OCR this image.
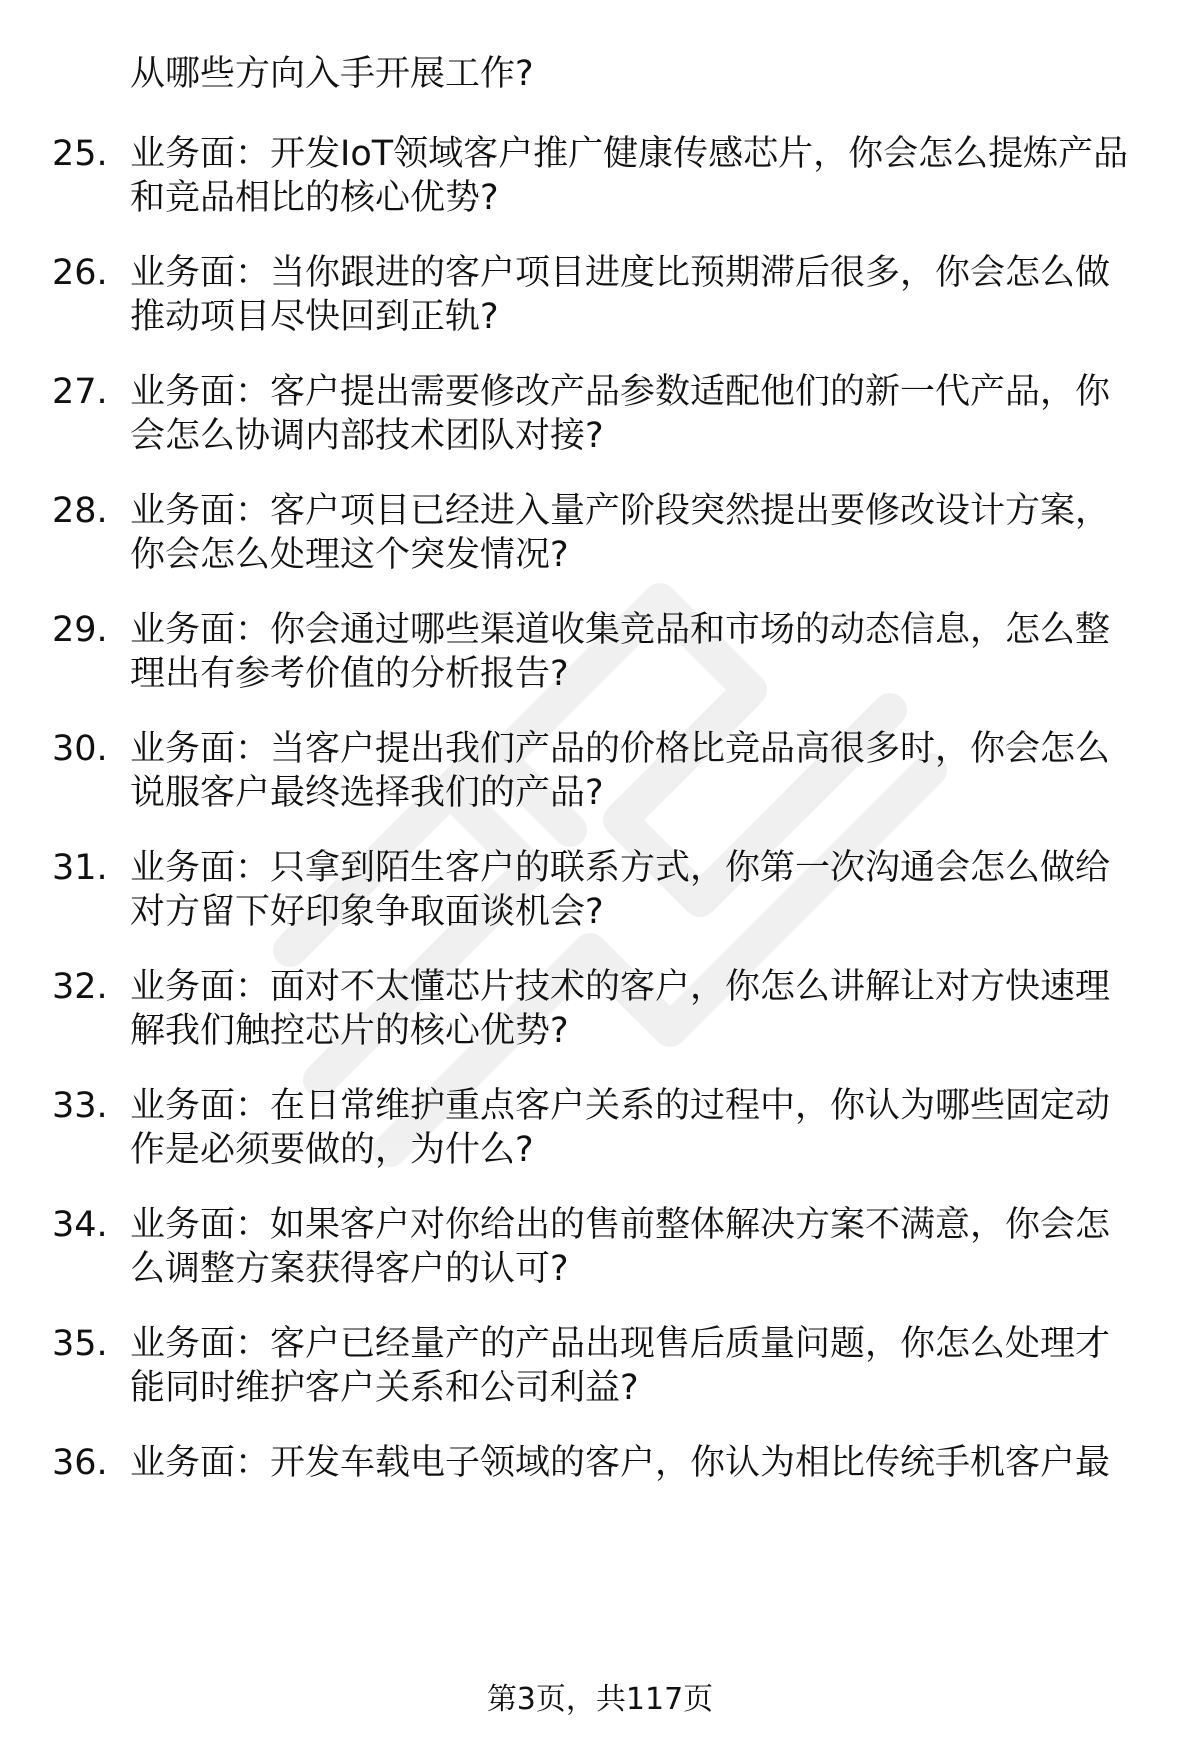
从哪些方向入手开展工作?
25. 业务面：开发IoT领域客户推广健康传感芯片，你会怎么提炼产品
和竞品相比的核心优势?
26. 业务面：当你跟进的客户项目进度比预期滞后很多，你会怎么做
推动项目尽快回到正轨?
27. 业务面：客户提出需要修改产品参数适配他们的新一代产品，你
会怎么协调内部技术团队对接?
28. 业务面：客户项目已经进入量产阶段突然提出要修改设计方案，
你会怎么处理这个突发情况?
29. 业务面：你会通过哪些渠道收集竞品和市场的动态信息，怎么整
理出有参考价值的分析报告?
30. 业务面：当客户提出我们产品的价格比竞品高很多时，你会怎么
说服客户最终选择我们的产品?
31. 业务面：只拿到陌生客户的联系方式，你第一次沟通会怎么做给
对方留下好印象争取面谈机会?
32. 业务面：面对不太懂芯片技术的客户，你怎么讲解让对方快速理
解我们触控芯片的核心优势?
33. 业务面：在日常维护重点客户关系的过程中，你认为哪些固定动
作是必须要做的，为什么?
34. 业务面：如果客户对你给出的售前整体解决方案不满意，你会怎
么调整方案获得客户的认可?
35. 业务面：客户已经量产的产品出现售后质量问题，你怎么处理才
能同时维护客户关系和公司利益?
36. 业务面：开发车载电子领域的客户，你认为相比传统手机客户最
第3页，共117页
